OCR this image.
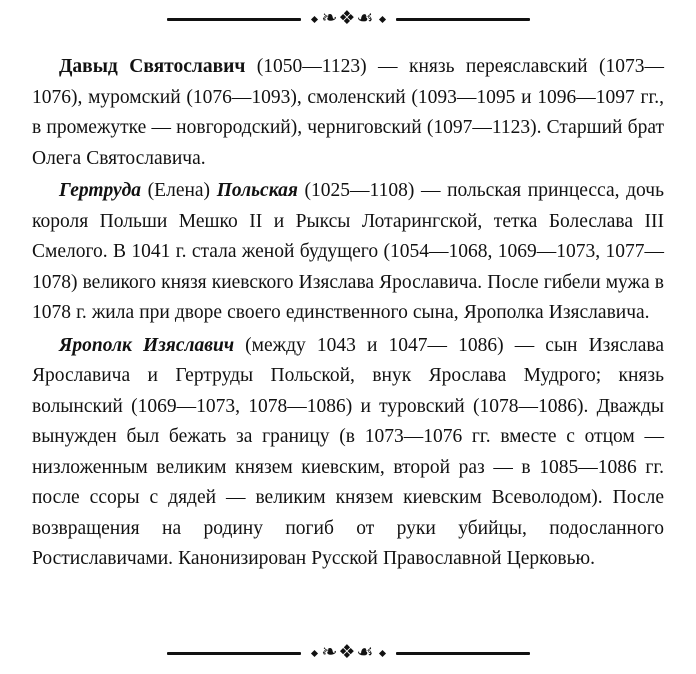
❧❖☙

Давыд Святославич (1050—1123) — князь переяславский (1073—1076), муромский (1076—1093), смоленский (1093—1095 и 1096—1097 гг., в промежутке — новгородский), черниговский (1097—1123). Старший брат Олега Святославича.

Гертруда (Елена) Польская (1025—1108) — польская принцесса, дочь короля Польши Мешко II и Рыксы Лотарингской, тетка Болеслава III Смелого. В 1041 г. стала женой будущего (1054—1068, 1069—1073, 1077—1078) великого князя киевского Изяслава Ярославича. После гибели мужа в 1078 г. жила при дворе своего единственного сына, Ярополка Изяславича.

Ярополк Изяславич (между 1043 и 1047— 1086) — сын Изяслава Ярославича и Гертруды Польской, внук Ярослава Мудрого; князь волынский (1069—1073, 1078—1086) и туровский (1078—1086). Дважды вынужден был бежать за границу (в 1073—1076 гг. вместе с отцом — низложенным великим князем киевским, второй раз — в 1085—1086 гг. после ссоры с дядей — великим князем киевским Всеволодом). После возвращения на родину погиб от руки убийцы, подосланного Ростиславичами. Канонизирован Русской Православной Церковью.

❧❖☙
